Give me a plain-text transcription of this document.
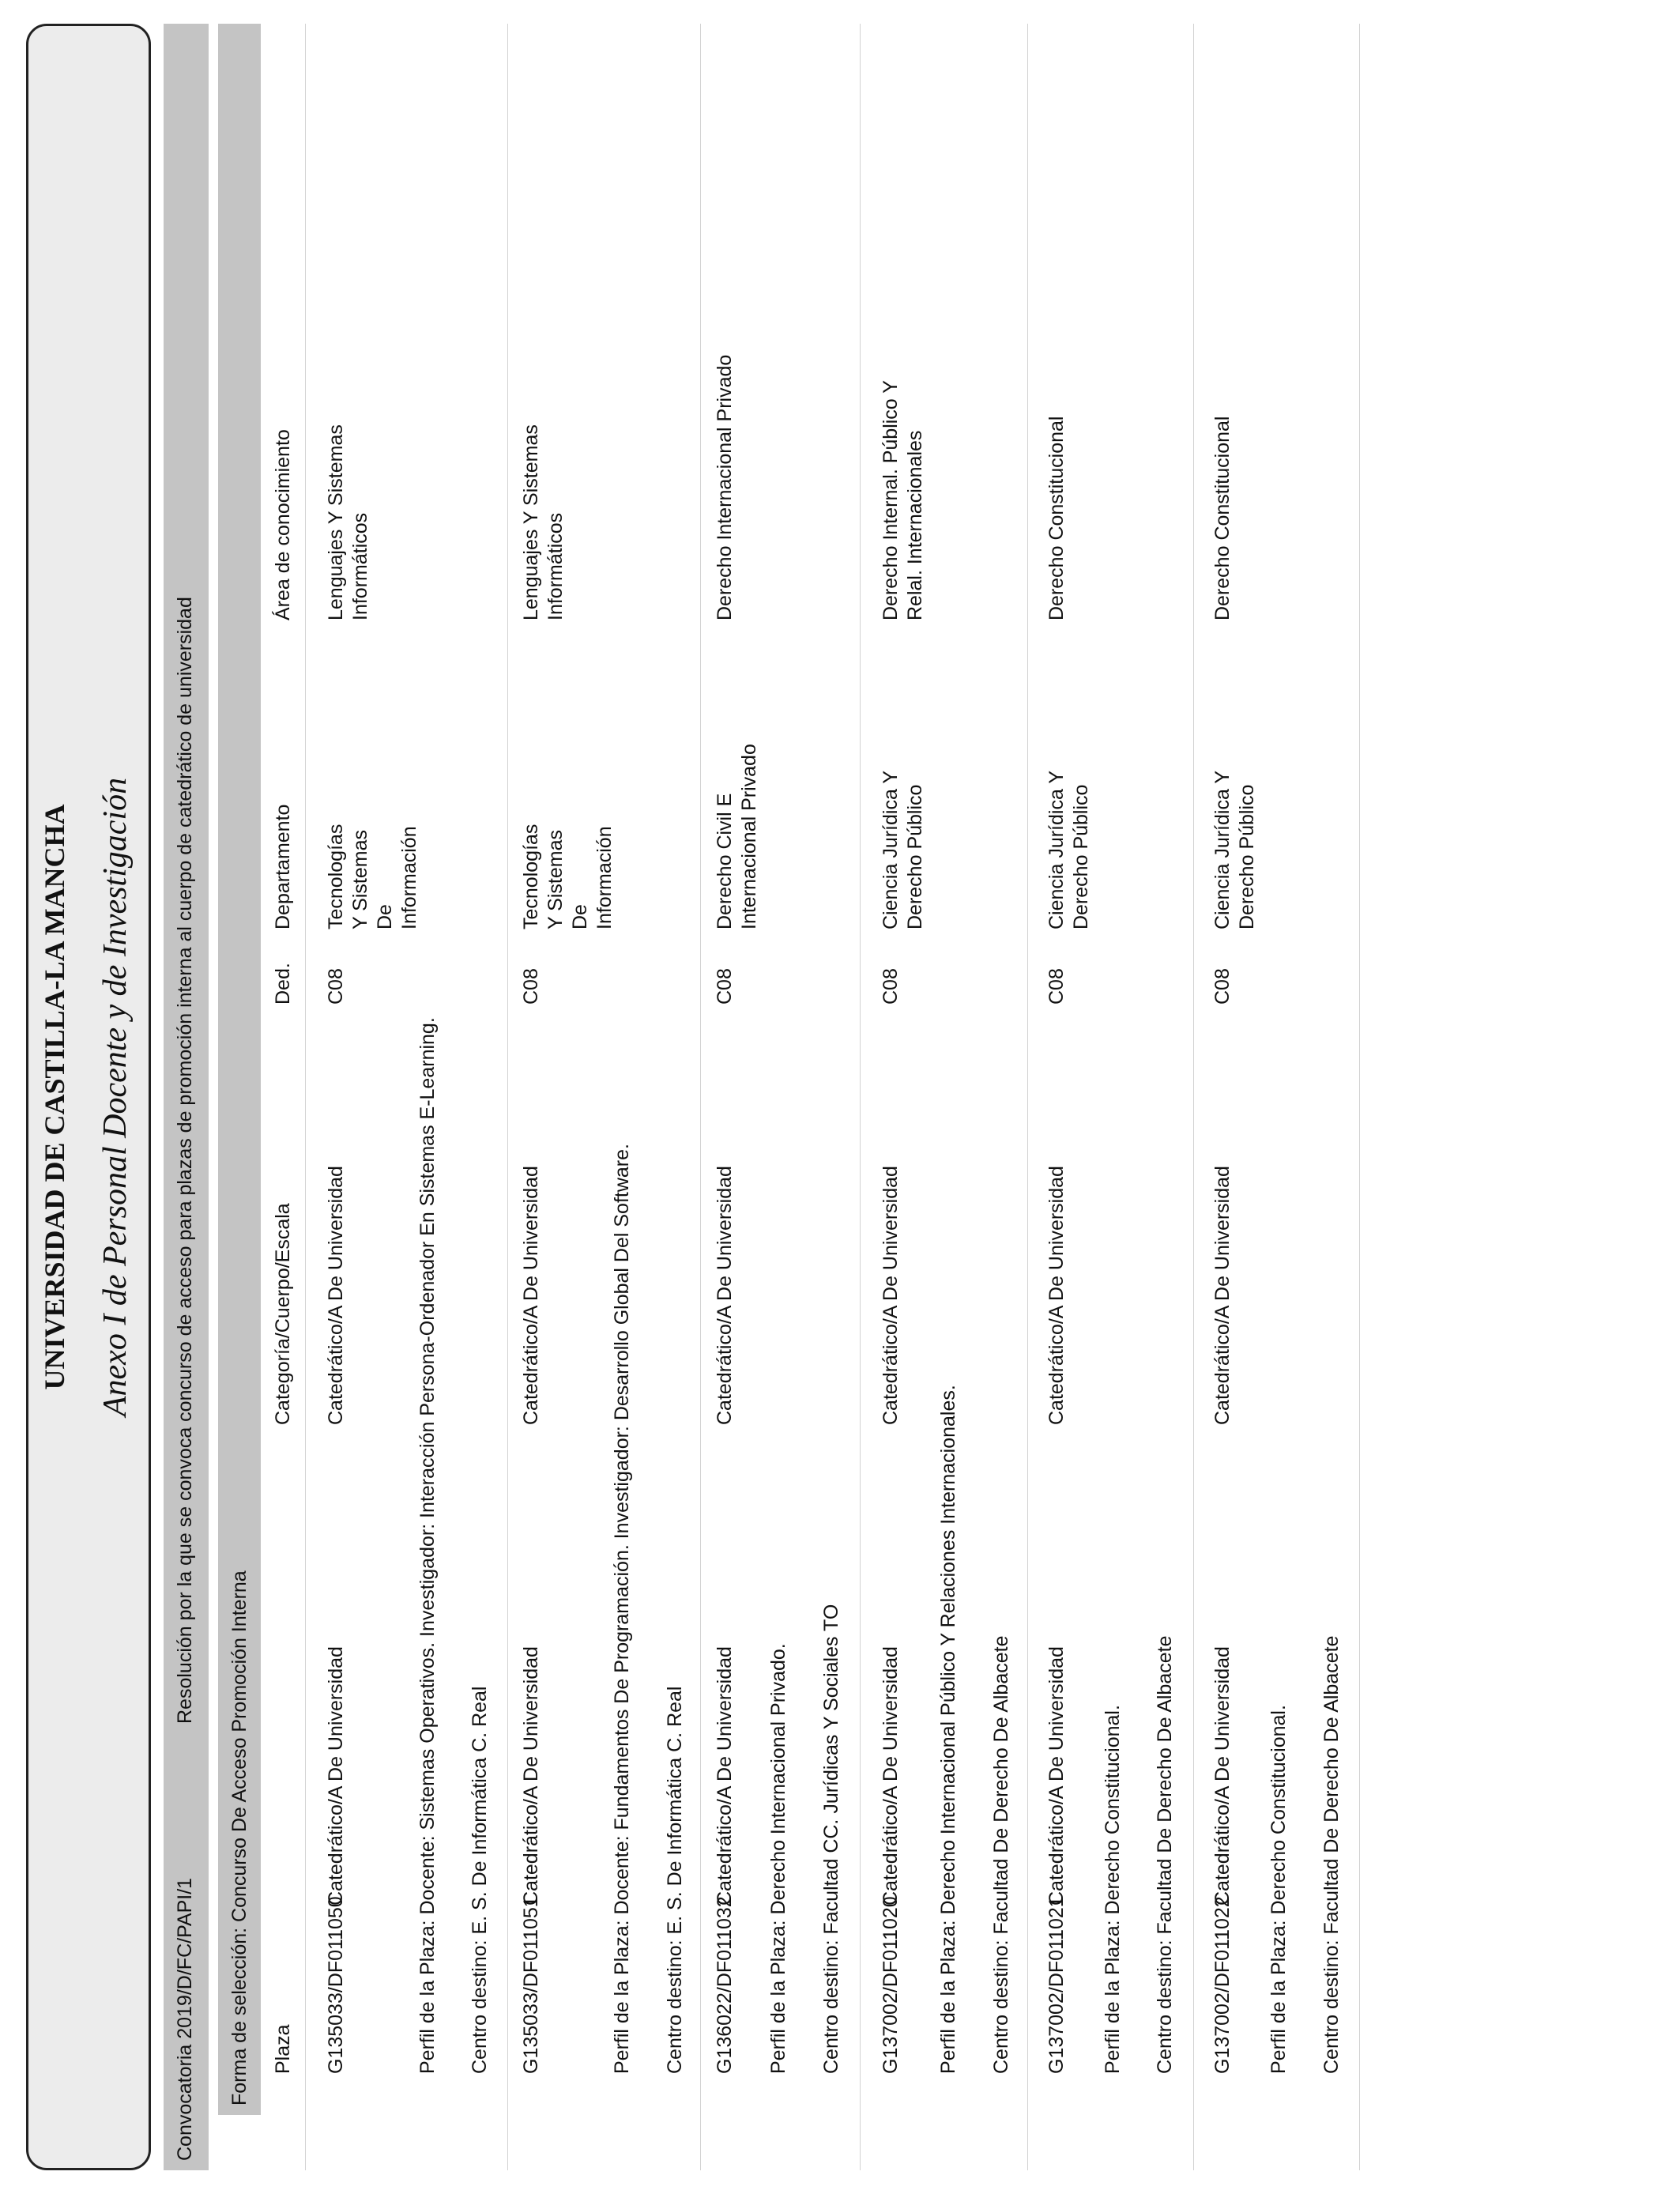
UNIVERSIDAD DE CASTILLA-LA MANCHA Anexo I de Personal Docente y de Investigación
Convocatoria 2019/D/FC/PAPI/1
Resolución por la que se convoca concurso de acceso para plazas de promoción interna al cuerpo de catedrático de universidad
Forma de selección: Concurso De Acceso Promoción Interna Plaza
Categoría/Cuerpo/Escala
Ded.
Departamento
Área de conocimiento
G135033/DF011050
Catedrático/A De Universidad
Catedrático/A De Universidad
C08
Tecnologías Y Sistemas De Información
Lenguajes Y Sistemas Informáticos
Perfil de la Plaza: Docente: Sistemas Operativos. Investigador: Interacción Persona-Ordenador En Sistemas E-Learning. Centro destino: E. S. De Informática C. Real G135033/DF011051
Catedrático/A De Universidad
Catedrático/A De Universidad
C08
Tecnologías Y Sistemas De Información
Lenguajes Y Sistemas Informáticos
Perfil de la Plaza: Docente: Fundamentos De Programación. Investigador: Desarrollo Global Del Software. Centro destino: E. S. De Informática C. Real G136022/DF011032
Catedrático/A De Universidad
Catedrático/A De Universidad
C08
Derecho Civil E Internacional Privado
Derecho Internacional Privado
Perfil de la Plaza: Derecho Internacional Privado. Centro destino: Facultad CC. Jurídicas Y Sociales TO G137002/DF011020
Catedrático/A De Universidad
Catedrático/A De Universidad
C08
Ciencia Jurídica Y Derecho Público
Derecho Internal. Público Y Relal. Internacionales
Perfil de la Plaza: Derecho Internacional Público Y Relaciones Internacionales. Centro destino: Facultad De Derecho De Albacete G137002/DF011021
Catedrático/A De Universidad
Catedrático/A De Universidad
C08
Ciencia Jurídica Y Derecho Público
Derecho Constitucional
Perfil de la Plaza: Derecho Constitucional. Centro destino: Facultad De Derecho De Albacete G137002/DF011022
Catedrático/A De Universidad
Catedrático/A De Universidad
C08
Ciencia Jurídica Y Derecho Público
Derecho Constitucional
Perfil de la Plaza: Derecho Constitucional. Centro destino: Facultad De Derecho De Albacete
